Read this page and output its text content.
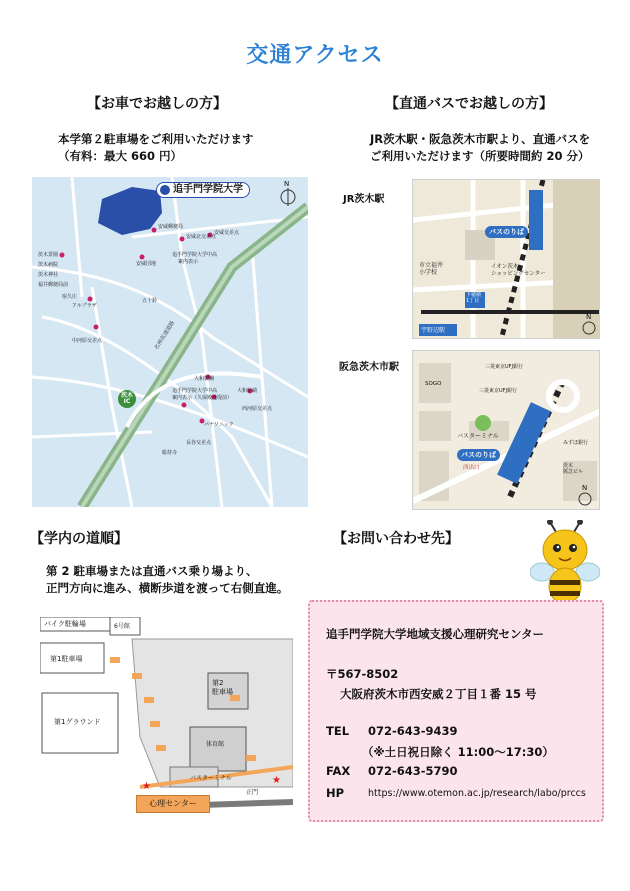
交通アクセス
【お車でお越しの方】
本学第２駐車場をご利用いただけます
（有料：最大 660 円）
追手門学院大学	N
茨木
IC
名神高速道路
安威郵便局
安威団地
安威北交差点
安威交差点
追手門学院大学中高
案内表示
茨木霊園
茨木病院
茨木神社
福井郵便局前
宿久庄
アルプラザ
中河原交差点
五十鈴
大和製鋼
大和紡績
西河原交差点
追手門学院大学中高
案内表示（久保殿池堤前）
パナソニック
長谷交差点
総持寺
【直通バスでお越しの方】
JR茨木駅・阪急茨木市駅より、直通バスを
ご利用いただけます（所要時間約 20 分）
JR茨木駅
バスのりば
市立福井
小学校
イオン茨木
ショッピングセンター
宇野辺駅
下穂積
1丁目
N
阪急茨木市駅
SOGO
三菱東京UFJ銀行
三菱東京UFJ銀行
みずほ銀行
バスターミナル
バスのりば
西出口	茨木
阪急ビル
N
【学内の道順】
第 2 駐車場または直通バス乗り場より、
正門方向に進み、横断歩道を渡って右側直進。
★
★
バイク駐輪場	6号館
第1駐車場
第1グラウンド
第2
駐車場
体育館
バスターミナル
正門
心理センター
【お問い合わせ先】
追手門学院大学地域支援心理研究センター
〒567-8502
大阪府茨木市西安威２丁目１番 15 号
TEL 072-643-9439
（※土日祝日除く 11:00～17:30）
FAX 072-643-5790
HP	https://www.otemon.ac.jp/research/labo/prccs
